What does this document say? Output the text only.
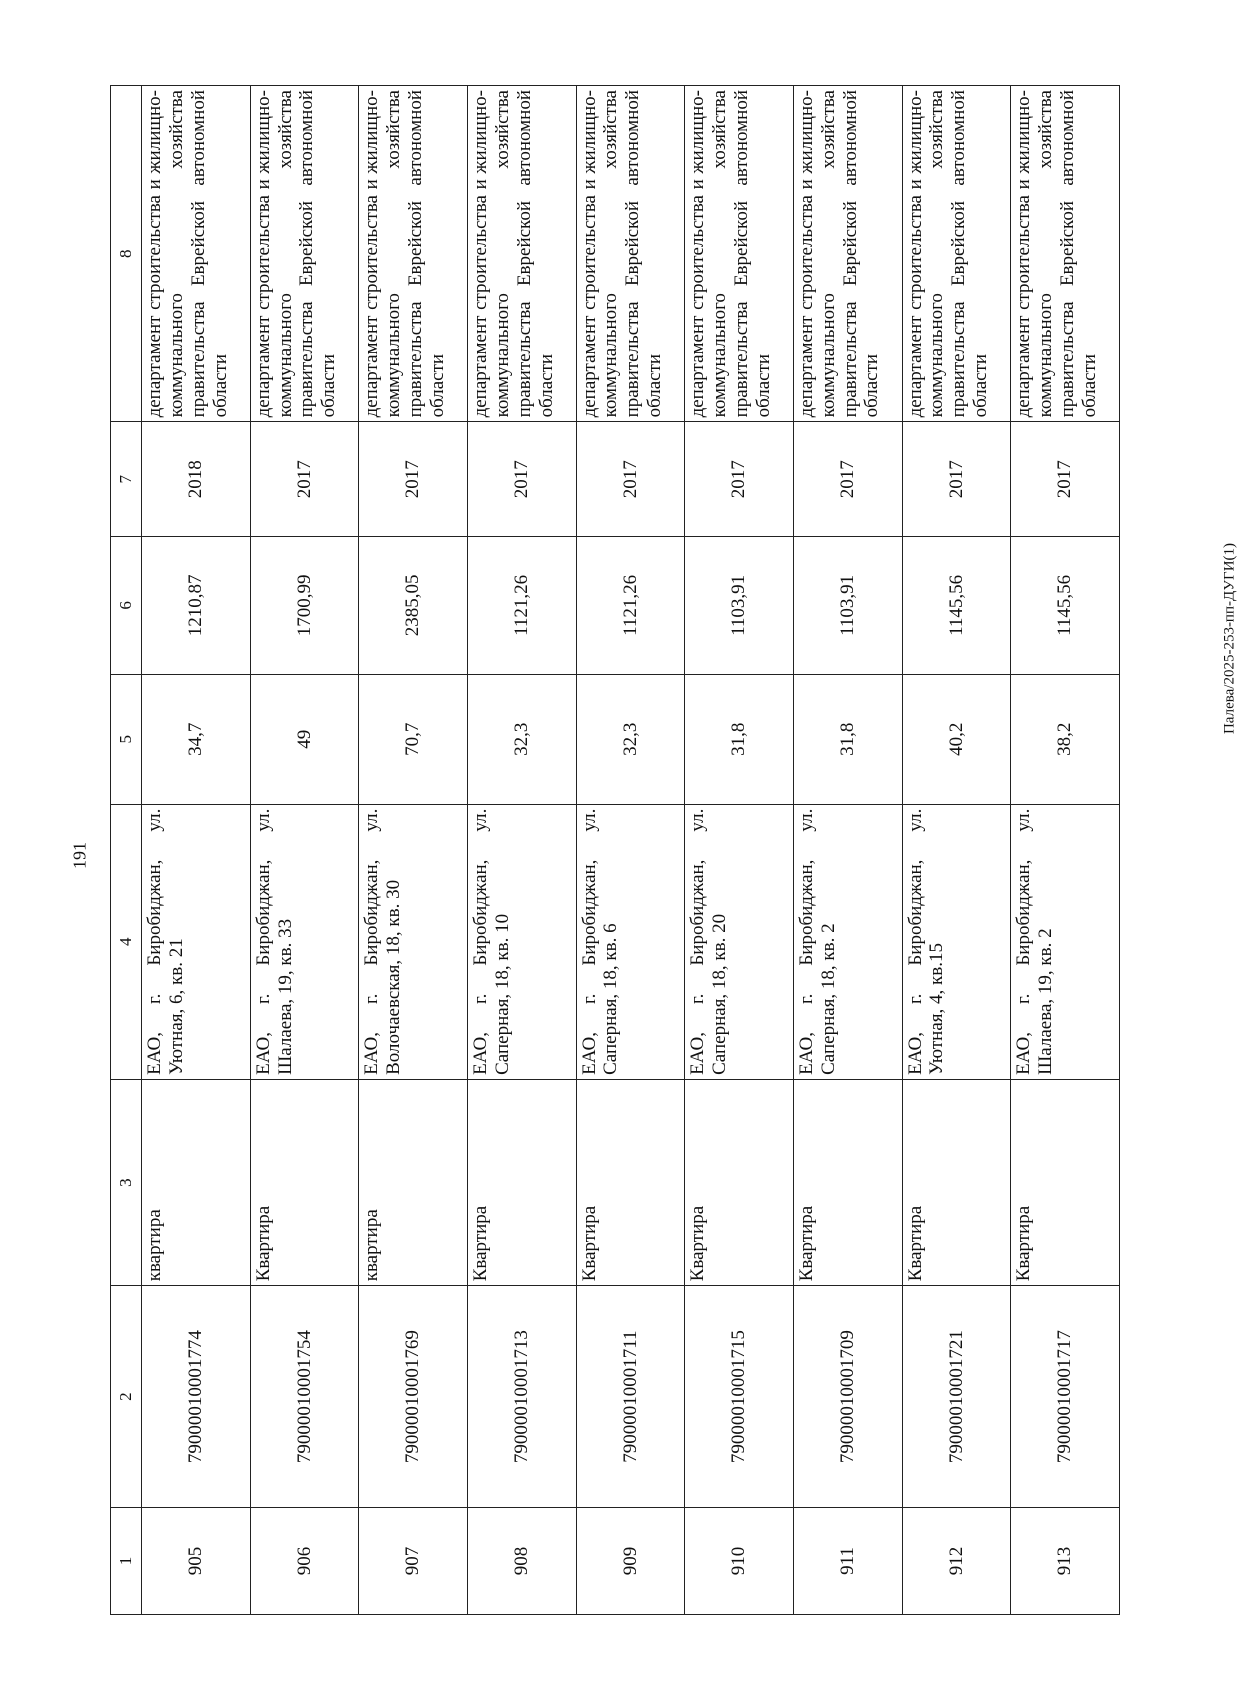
191
1	2	3	4	5	6	7	8
905	79000010001774	квартира	ЕАО, г. Биробиджан, ул. Уютная, 6, кв. 21	34,7	1210,87	2018	департамент строительства и жилищно-коммунального хозяйства правительства Еврейской автономной области
906	79000010001754	Квартира	ЕАО, г. Биробиджан, ул. Шалаева, 19, кв. 33	49	1700,99	2017	департамент строительства и жилищно-коммунального хозяйства правительства Еврейской автономной области
907	79000010001769	квартира	ЕАО, г. Биробиджан, ул. Волочаевская, 18, кв. 30	70,7	2385,05	2017	департамент строительства и жилищно-коммунального хозяйства правительства Еврейской автономной области
908	79000010001713	Квартира	ЕАО, г. Биробиджан, ул. Саперная, 18, кв. 10	32,3	1121,26	2017	департамент строительства и жилищно-коммунального хозяйства правительства Еврейской автономной области
909	79000010001711	Квартира	ЕАО, г. Биробиджан, ул. Саперная, 18, кв. 6	32,3	1121,26	2017	департамент строительства и жилищно-коммунального хозяйства правительства Еврейской автономной области
910	79000010001715	Квартира	ЕАО, г. Биробиджан, ул. Саперная, 18, кв. 20	31,8	1103,91	2017	департамент строительства и жилищно-коммунального хозяйства правительства Еврейской автономной области
911	79000010001709	Квартира	ЕАО, г. Биробиджан, ул. Саперная, 18, кв. 2	31,8	1103,91	2017	департамент строительства и жилищно-коммунального хозяйства правительства Еврейской автономной области
912	79000010001721	Квартира	ЕАО, г. Биробиджан, ул. Уютная, 4, кв.15	40,2	1145,56	2017	департамент строительства и жилищно-коммунального хозяйства правительства Еврейской автономной области
913	79000010001717	Квартира	ЕАО, г. Биробиджан, ул. Шалаева, 19, кв. 2	38,2	1145,56	2017	департамент строительства и жилищно-коммунального хозяйства правительства Еврейской автономной области
Палева/2025-253-пп-ДУГИ(1)
